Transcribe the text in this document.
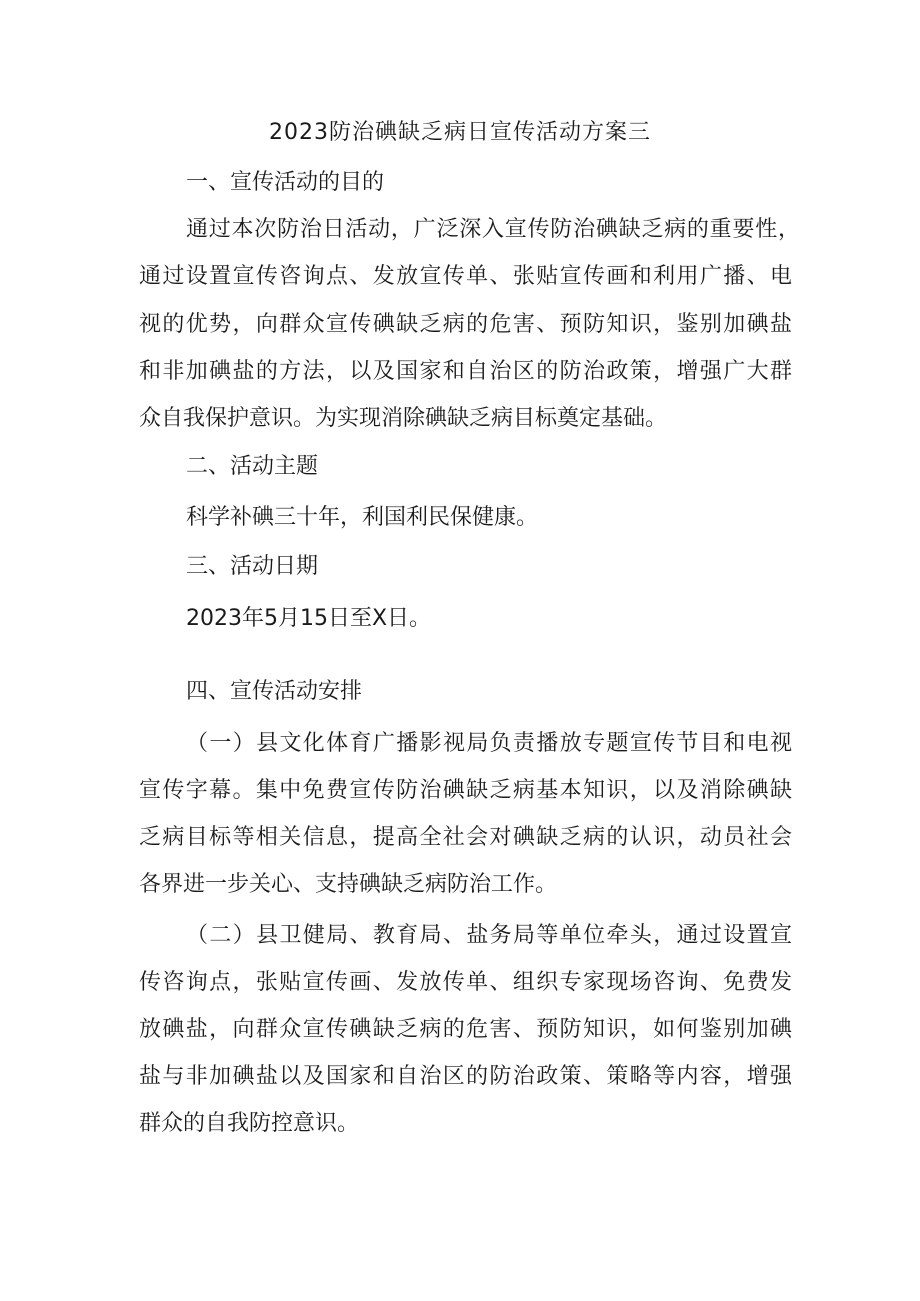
2023防治碘缺乏病日宣传活动方案三
一、宣传活动的目的
通过本次防治日活动，广泛深入宣传防治碘缺乏病的重要性，
通过设置宣传咨询点、发放宣传单、张贴宣传画和利用广播、电
视的优势，向群众宣传碘缺乏病的危害、预防知识，鉴别加碘盐
和非加碘盐的方法，以及国家和自治区的防治政策，增强广大群
众自我保护意识。为实现消除碘缺乏病目标奠定基础。
二、活动主题
科学补碘三十年，利国利民保健康。
三、活动日期
2023年5月15日至X日。
四、宣传活动安排
（一）县文化体育广播影视局负责播放专题宣传节目和电视
宣传字幕。集中免费宣传防治碘缺乏病基本知识，以及消除碘缺
乏病目标等相关信息，提高全社会对碘缺乏病的认识，动员社会
各界进一步关心、支持碘缺乏病防治工作。
（二）县卫健局、教育局、盐务局等单位牵头，通过设置宣
传咨询点，张贴宣传画、发放传单、组织专家现场咨询、免费发
放碘盐，向群众宣传碘缺乏病的危害、预防知识，如何鉴别加碘
盐与非加碘盐以及国家和自治区的防治政策、策略等内容，增强
群众的自我防控意识。
